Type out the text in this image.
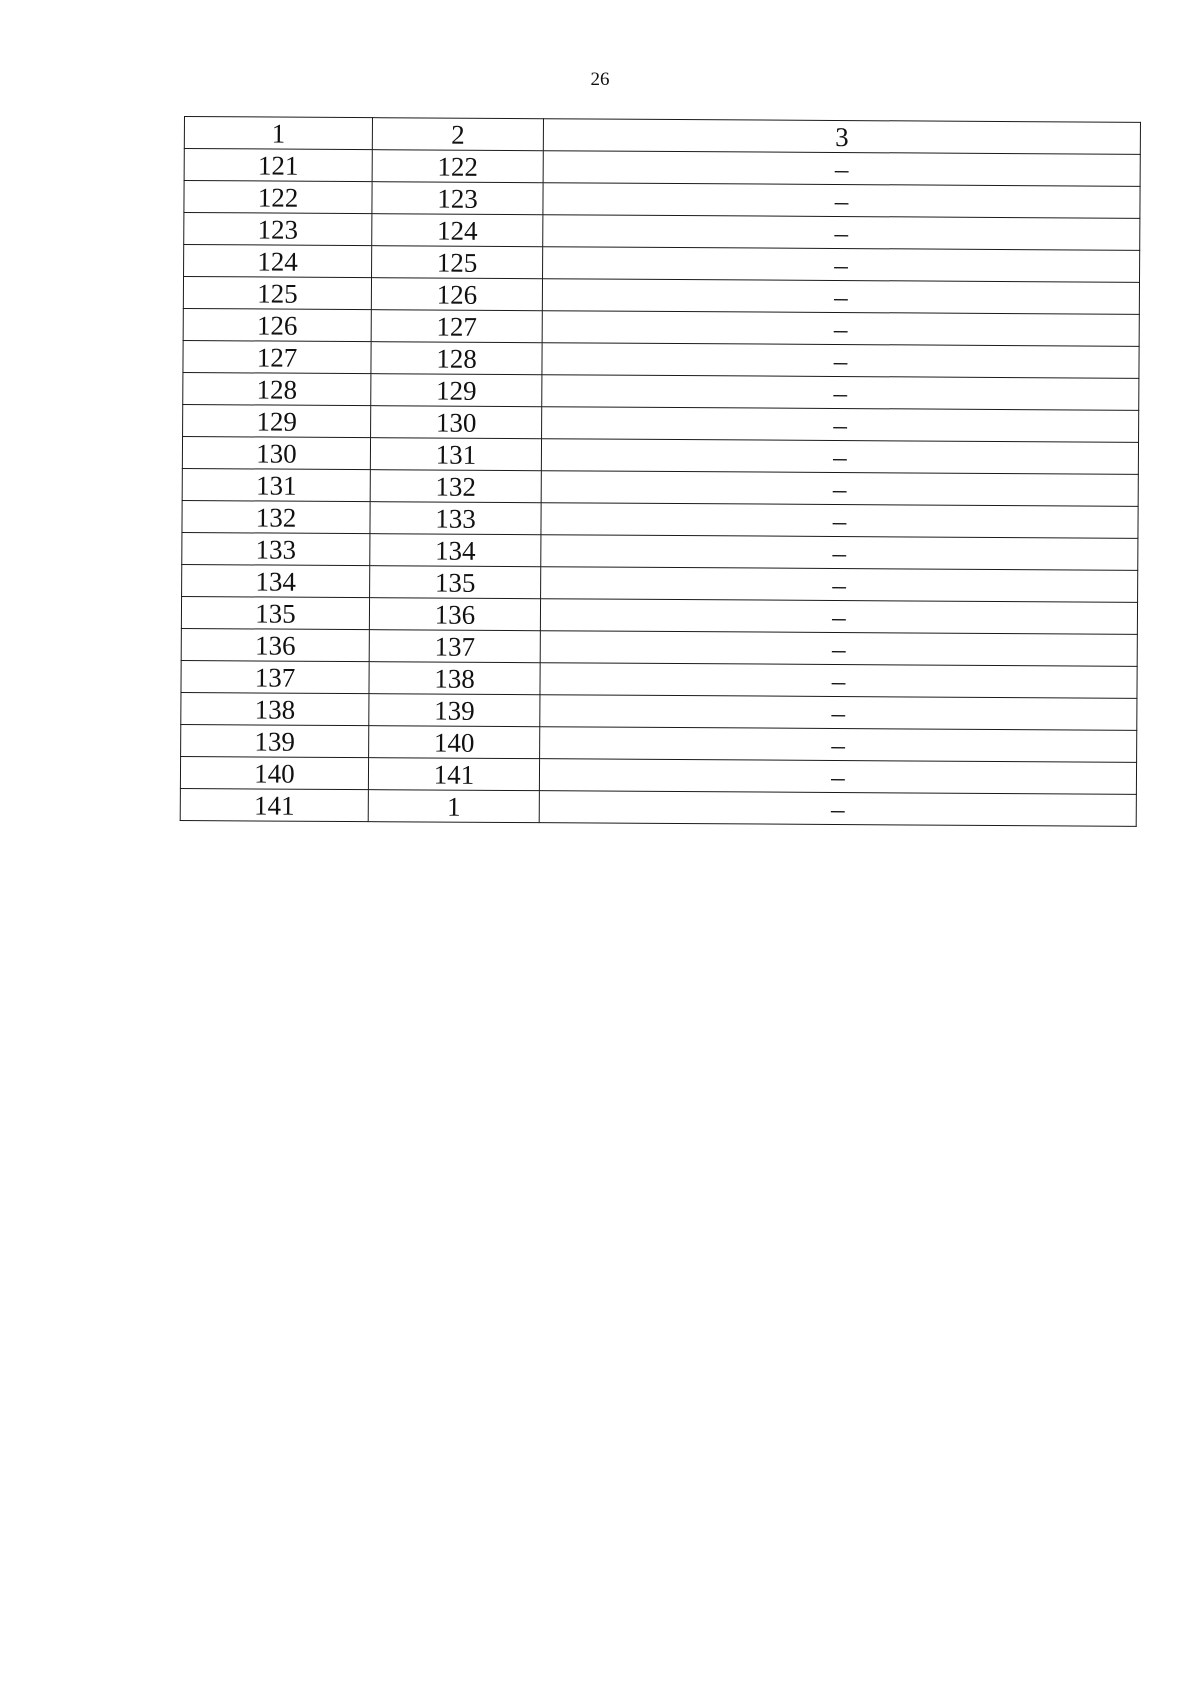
26
1	2	3
121	122	–
122	123	–
123	124	–
124	125	–
125	126	–
126	127	–
127	128	–
128	129	–
129	130	–
130	131	–
131	132	–
132	133	–
133	134	–
134	135	–
135	136	–
136	137	–
137	138	–
138	139	–
139	140	–
140	141	–
141	1	–
